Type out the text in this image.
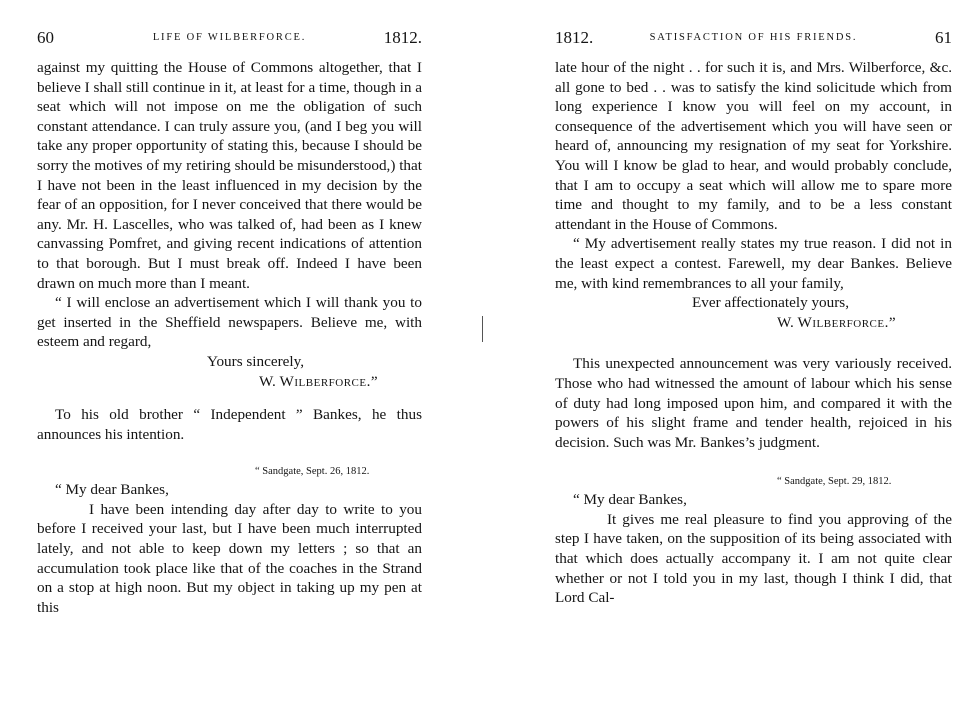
60	LIFE OF WILBERFORCE.	1812.

against my quitting the House of Commons altogether, that I believe I shall still continue in it, at least for a time, though in a seat which will not impose on me the obligation of such constant attendance. I can truly assure you, (and I beg you will take any proper opportunity of stating this, because I should be sorry the motives of my retiring should be misunderstood,) that I have not been in the least influenced in my decision by the fear of an opposition, for I never conceived that there would be any. Mr. H. Lascelles, who was talked of, had been as I knew canvassing Pomfret, and giving recent indications of attention to that borough. But I must break off. Indeed I have been drawn on much more than I meant.

“ I will enclose an advertisement which I will thank you to get inserted in the Sheffield newspapers. Believe me, with esteem and regard,

Yours sincerely,

W. Wilberforce.”

To his old brother “ Independent ” Bankes, he thus announces his intention.

“ Sandgate, Sept. 26, 1812.

“ My dear Bankes,

I have been intending day after day to write to you before I received your last, but I have been much interrupted lately, and not able to keep down my letters ; so that an accumulation took place like that of the coaches in the Strand on a stop at high noon. But my object in taking up my pen at this

1812.	SATISFACTION OF HIS FRIENDS.	61

late hour of the night . . for such it is, and Mrs. Wilberforce, &c. all gone to bed . . was to satisfy the kind solicitude which from long experience I know you will feel on my account, in consequence of the advertisement which you will have seen or heard of, announcing my resignation of my seat for Yorkshire. You will I know be glad to hear, and would probably conclude, that I am to occupy a seat which will allow me to spare more time and thought to my family, and to be a less constant attendant in the House of Commons.

“ My advertisement really states my true reason. I did not in the least expect a contest. Farewell, my dear Bankes. Believe me, with kind remembrances to all your family,

Ever affectionately yours,

W. Wilberforce.”

This unexpected announcement was very variously received. Those who had witnessed the amount of labour which his sense of duty had long imposed upon him, and compared it with the powers of his slight frame and tender health, rejoiced in his decision. Such was Mr. Bankes’s judgment.

“ Sandgate, Sept. 29, 1812.

“ My dear Bankes,

It gives me real pleasure to find you approving of the step I have taken, on the supposition of its being associated with that which does actually accompany it. I am not quite clear whether or not I told you in my last, though I think I did, that Lord Cal-
